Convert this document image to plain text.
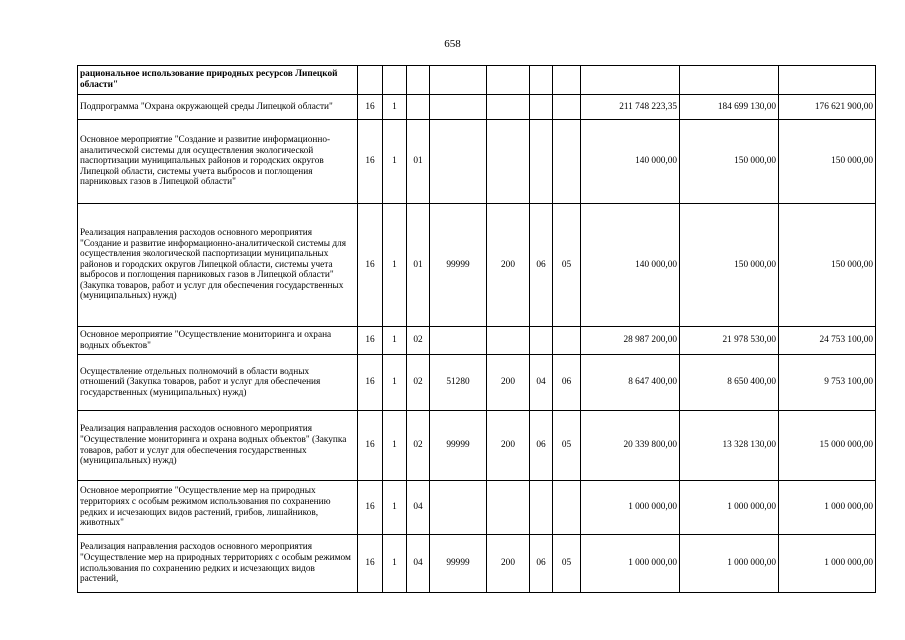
658
рациональное использование природных ресурсов Липецкой области"										
Подпрограмма "Охрана окружающей среды Липецкой области"	16	1						211 748 223,35	184 699 130,00	176 621 900,00
Основное мероприятие "Создание и развитие информационно-аналитической системы для осуществления экологической паспортизации муниципальных районов и городских округов Липецкой области, системы учета выбросов и поглощения парниковых газов в Липецкой области"	16	1	01					140 000,00	150 000,00	150 000,00
Реализация направления расходов основного мероприятия "Создание и развитие информационно-аналитической системы для осуществления экологической паспортизации муниципальных районов и городских округов Липецкой области, системы учета выбросов и поглощения парниковых газов в Липецкой области" (Закупка товаров, работ и услуг для обеспечения государственных (муниципальных) нужд)	16	1	01	99999	200	06	05	140 000,00	150 000,00	150 000,00
Основное мероприятие "Осуществление мониторинга и охрана водных объектов"	16	1	02					28 987 200,00	21 978 530,00	24 753 100,00
Осуществление отдельных полномочий в области водных отношений (Закупка товаров, работ и услуг для обеспечения государственных (муниципальных) нужд)	16	1	02	51280	200	04	06	8 647 400,00	8 650 400,00	9 753 100,00
Реализация направления расходов основного мероприятия "Осуществление мониторинга и охрана водных объектов" (Закупка товаров, работ и услуг для обеспечения государственных (муниципальных) нужд)	16	1	02	99999	200	06	05	20 339 800,00	13 328 130,00	15 000 000,00
Основное мероприятие "Осуществление мер на природных территориях с особым режимом использования по сохранению редких и исчезающих видов растений, грибов, лишайников, животных"	16	1	04					1 000 000,00	1 000 000,00	1 000 000,00
Реализация направления расходов основного мероприятия "Осуществление мер на природных территориях с особым режимом использования по сохранению редких и исчезающих видов растений,	16	1	04	99999	200	06	05	1 000 000,00	1 000 000,00	1 000 000,00
